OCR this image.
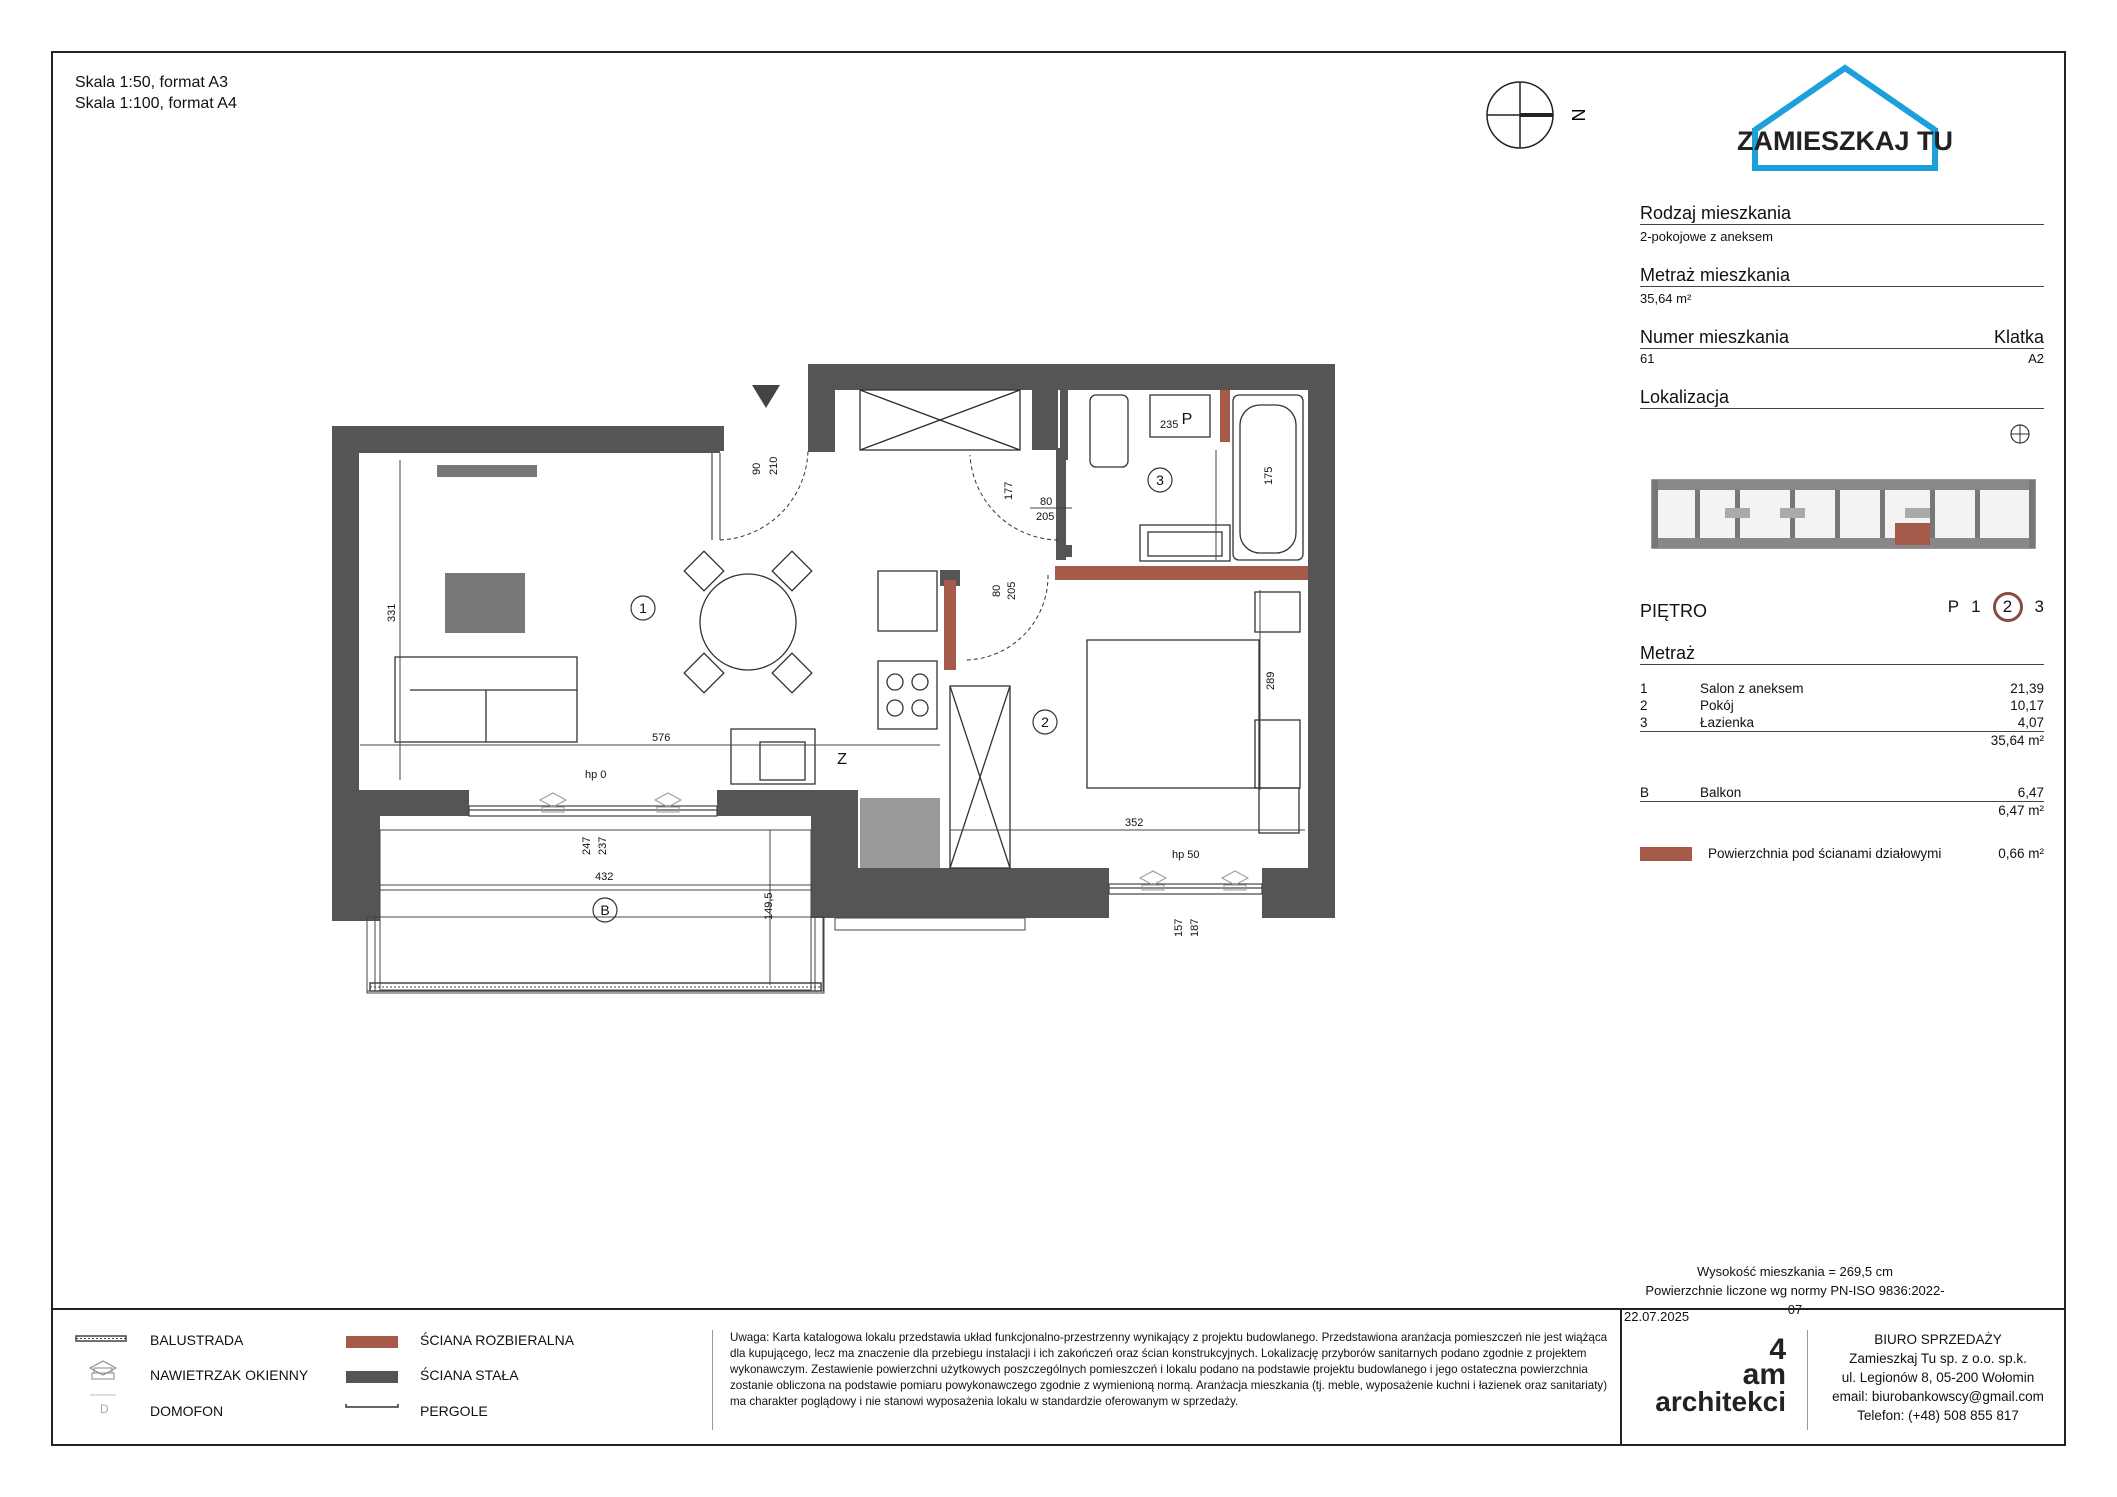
Skala 1:50, format A3
Skala 1:100, format A4
N
ZAMIESZKAJ TU
Rodzaj mieszkania
2-pokojowe z aneksem
Metraż mieszkania
35,64 m²
Numer mieszkania	Klatka
61	A2
Lokalizacja
PIĘTRO	P 1	2	3
Metraż
1	Salon z aneksem	21,39
2	Pokój	10,17
3	Łazienka	4,07
		35,64 m²
B	Balkon	6,47
		6,47 m²
Powierzchnia pod ścianami działowymi	0,66 m²
Wysokość mieszkania = 269,5 cm
Powierzchnie liczone wg normy PN-ISO 9836:2022-07
D
BALUSTRADA
NAWIETRZAK OKIENNY
DOMOFON
ŚCIANA ROZBIERALNA
ŚCIANA STAŁA
PERGOLE
Uwaga: Karta katalogowa lokalu przedstawia układ funkcjonalno-przestrzenny wynikający z projektu budowlanego. Przedstawiona aranżacja pomieszczeń nie jest wiążąca dla kupującego, lecz ma znaczenie dla przebiegu instalacji i ich zakończeń oraz ścian konstrukcyjnych. Lokalizację przyborów sanitarnych podano zgodnie z projektem wykonawczym. Zestawienie powierzchni użytkowych poszczególnych pomieszczeń i lokalu podano na podstawie projektu budowlanego i jego ostateczna powierzchnia zostanie obliczona na podstawie pomiaru powykonawczego zgodnie z wymienioną normą. Aranżacja mieszkania (tj. meble, wyposażenie kuchni i łazienek oraz sanitariaty) ma charakter poglądowy i nie stanowi wyposażenia lokalu w standardzie oferowanym w sprzedaży.
22.07.2025
4
am
architekci
BIURO SPRZEDAŻY
Zamieszkaj Tu sp. z o.o. sp.k.
ul. Legionów 8, 05-200 Wołomin
email: biurobankowscy@gmail.com
Telefon: (+48) 508 855 817
1
2
3
B
Z
P
331
576
352
289
175
235
432
149,5
90 210
80
205
80 205
177
247 237
157 187
hp 0
hp 50
